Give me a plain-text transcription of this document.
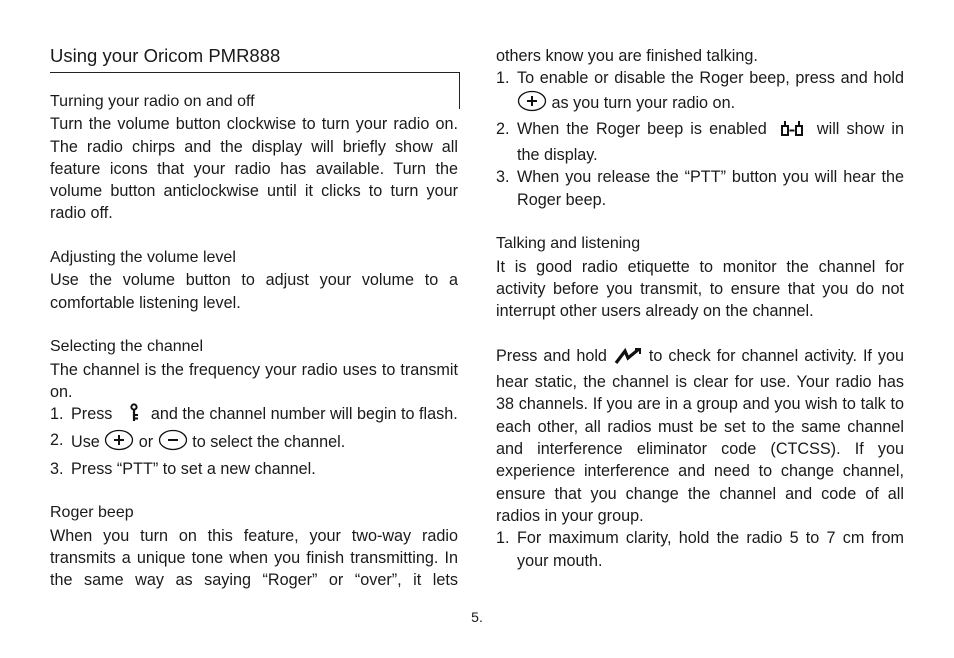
Using your Oricom PMR888

Turning your radio on and off

Turn the volume button clockwise to turn your radio on. The radio chirps and the display will briefly show all feature icons that your radio has available. Turn the volume button anticlockwise until it clicks to turn your radio off.

Adjusting the volume level

Use the volume button to adjust your volume to a comfortable listening level.

Selecting the channel

The channel is the frequency your radio uses to transmit on.

1. Press and the channel number will begin to flash.
2. Use or to select the channel.
3. Press “PTT” to set a new channel.

Roger beep

When you turn on this feature, your two-way radio transmits a unique tone when you finish transmitting. In the same way as saying “Roger” or “over”, it lets

others know you are finished talking.

1. To enable or disable the Roger beep, press and hold  as you turn your radio on.
2. When the Roger beep is enabled	will show in the display.
3. When you release the “PTT” button you will hear the Roger beep.

Talking and listening

It is good radio etiquette to monitor the channel for activity before you transmit, to ensure that you do not interrupt other users already on the channel.

Press and hold	to check for channel activity. If you hear static, the channel is clear for use. Your radio has 38 channels. If you are in a group and you wish to talk to each other, all radios must be set to the same channel and interference eliminator code (CTCSS). If you experience interference and need to change channel, ensure that you change the channel and code of all radios in your group.

1. For maximum clarity, hold the radio 5 to 7 cm from your mouth.
5.
